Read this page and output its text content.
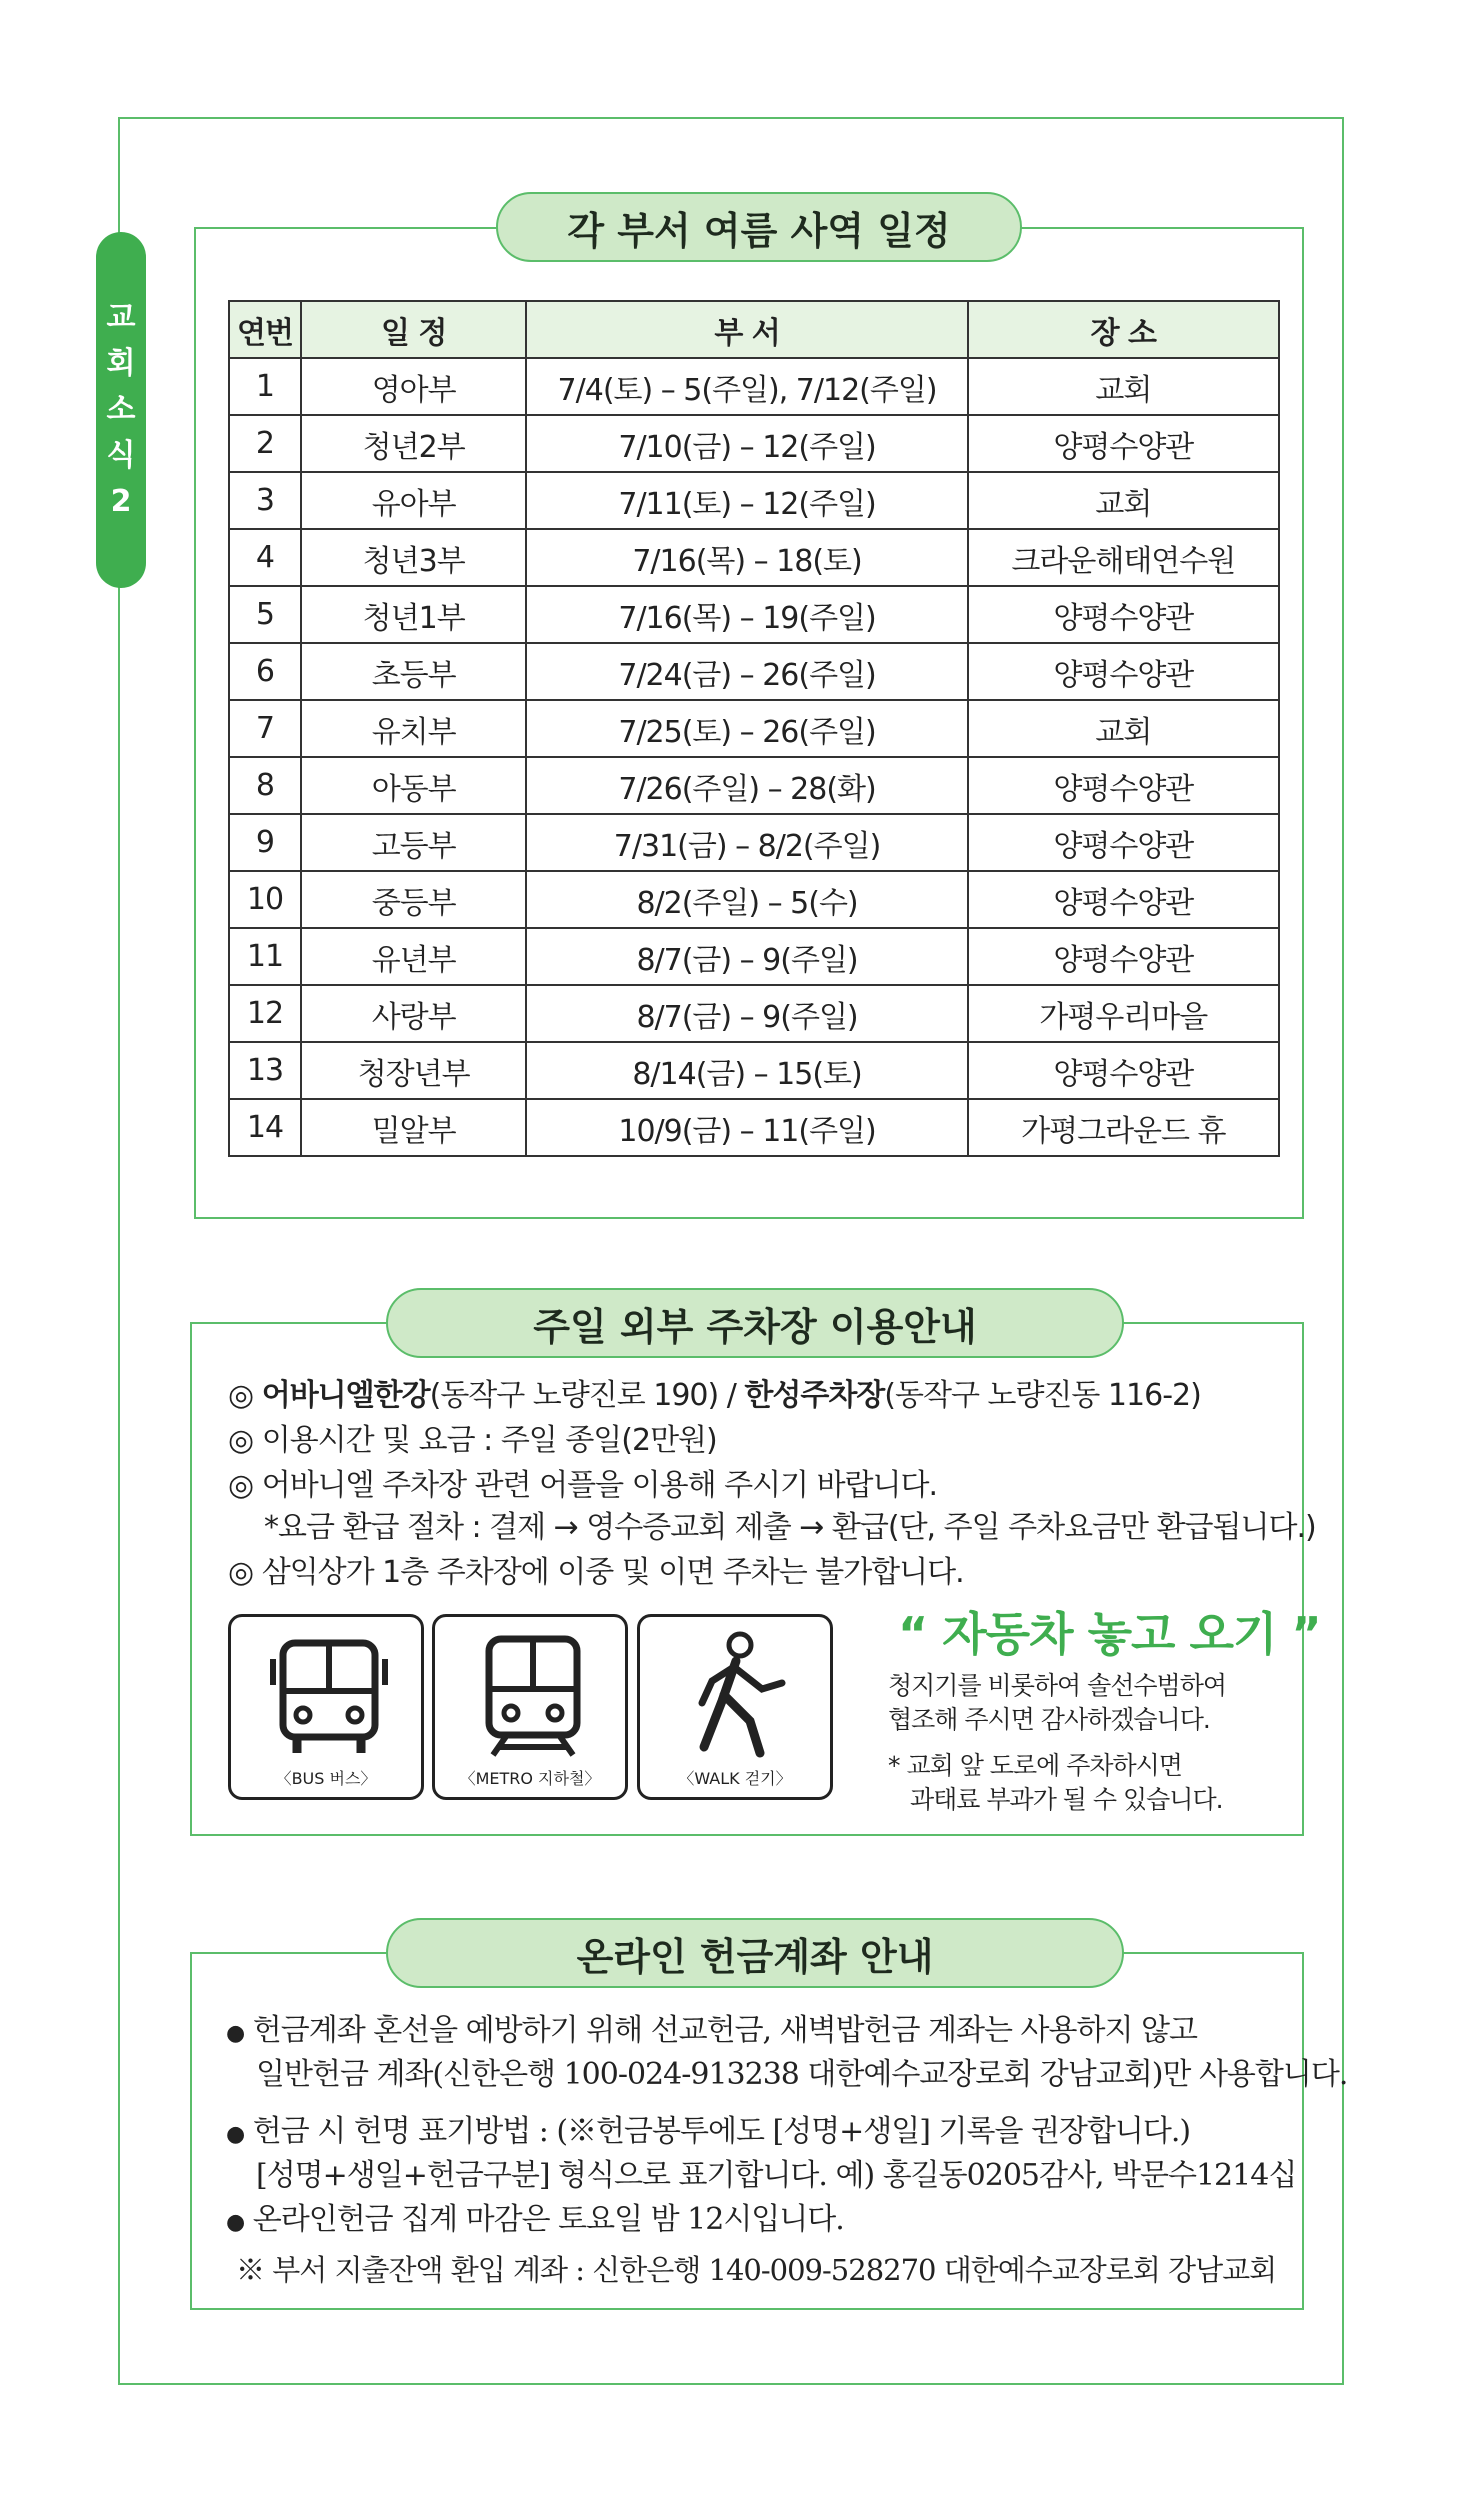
교
회
소
식
2
각 부서 여름 사역 일정
연번	일 정	부 서	장 소
1	영아부	7/4(토) – 5(주일), 7/12(주일)	교회
2	청년2부	7/10(금) – 12(주일)	양평수양관
3	유아부	7/11(토) – 12(주일)	교회
4	청년3부	7/16(목) – 18(토)	크라운해태연수원
5	청년1부	7/16(목) – 19(주일)	양평수양관
6	초등부	7/24(금) – 26(주일)	양평수양관
7	유치부	7/25(토) – 26(주일)	교회
8	아동부	7/26(주일) – 28(화)	양평수양관
9	고등부	7/31(금) – 8/2(주일)	양평수양관
10	중등부	8/2(주일) – 5(수)	양평수양관
11	유년부	8/7(금) – 9(주일)	양평수양관
12	사랑부	8/7(금) – 9(주일)	가평우리마을
13	청장년부	8/14(금) – 15(토)	양평수양관
14	밀알부	10/9(금) – 11(주일)	가평그라운드 휴
주일 외부 주차장 이용안내
◎ 어바니엘한강(동작구 노량진로 190) / 한성주차장(동작구 노량진동 116-2)
◎ 이용시간 및 요금 : 주일 종일(2만원)
◎ 어바니엘 주차장 관련 어플을 이용해 주시기 바랍니다.
*요금 환급 절차 : 결제 → 영수증교회 제출 → 환급(단, 주일 주차요금만 환급됩니다.)
◎ 삼익상가 1층 주차장에 이중 및 이면 주차는 불가합니다.
〈BUS 버스〉	〈METRO 지하철〉	〈WALK 걷기〉
“ 자동차 놓고 오기 ”
청지기를 비롯하여 솔선수범하여
협조해 주시면 감사하겠습니다.
* 교회 앞 도로에 주차하시면
과태료 부과가 될 수 있습니다.
온라인 헌금계좌 안내
● 헌금계좌 혼선을 예방하기 위해 선교헌금, 새벽밥헌금 계좌는 사용하지 않고
일반헌금 계좌(신한은행 100-024-913238 대한예수교장로회 강남교회)만 사용합니다.
● 헌금 시 헌명 표기방법 : (※헌금봉투에도 [성명+생일] 기록을 권장합니다.)
[성명+생일+헌금구분] 형식으로 표기합니다. 예) 홍길동0205감사, 박문수1214십
● 온라인헌금 집계 마감은 토요일 밤 12시입니다.
※ 부서 지출잔액 환입 계좌 : 신한은행 140-009-528270 대한예수교장로회 강남교회
